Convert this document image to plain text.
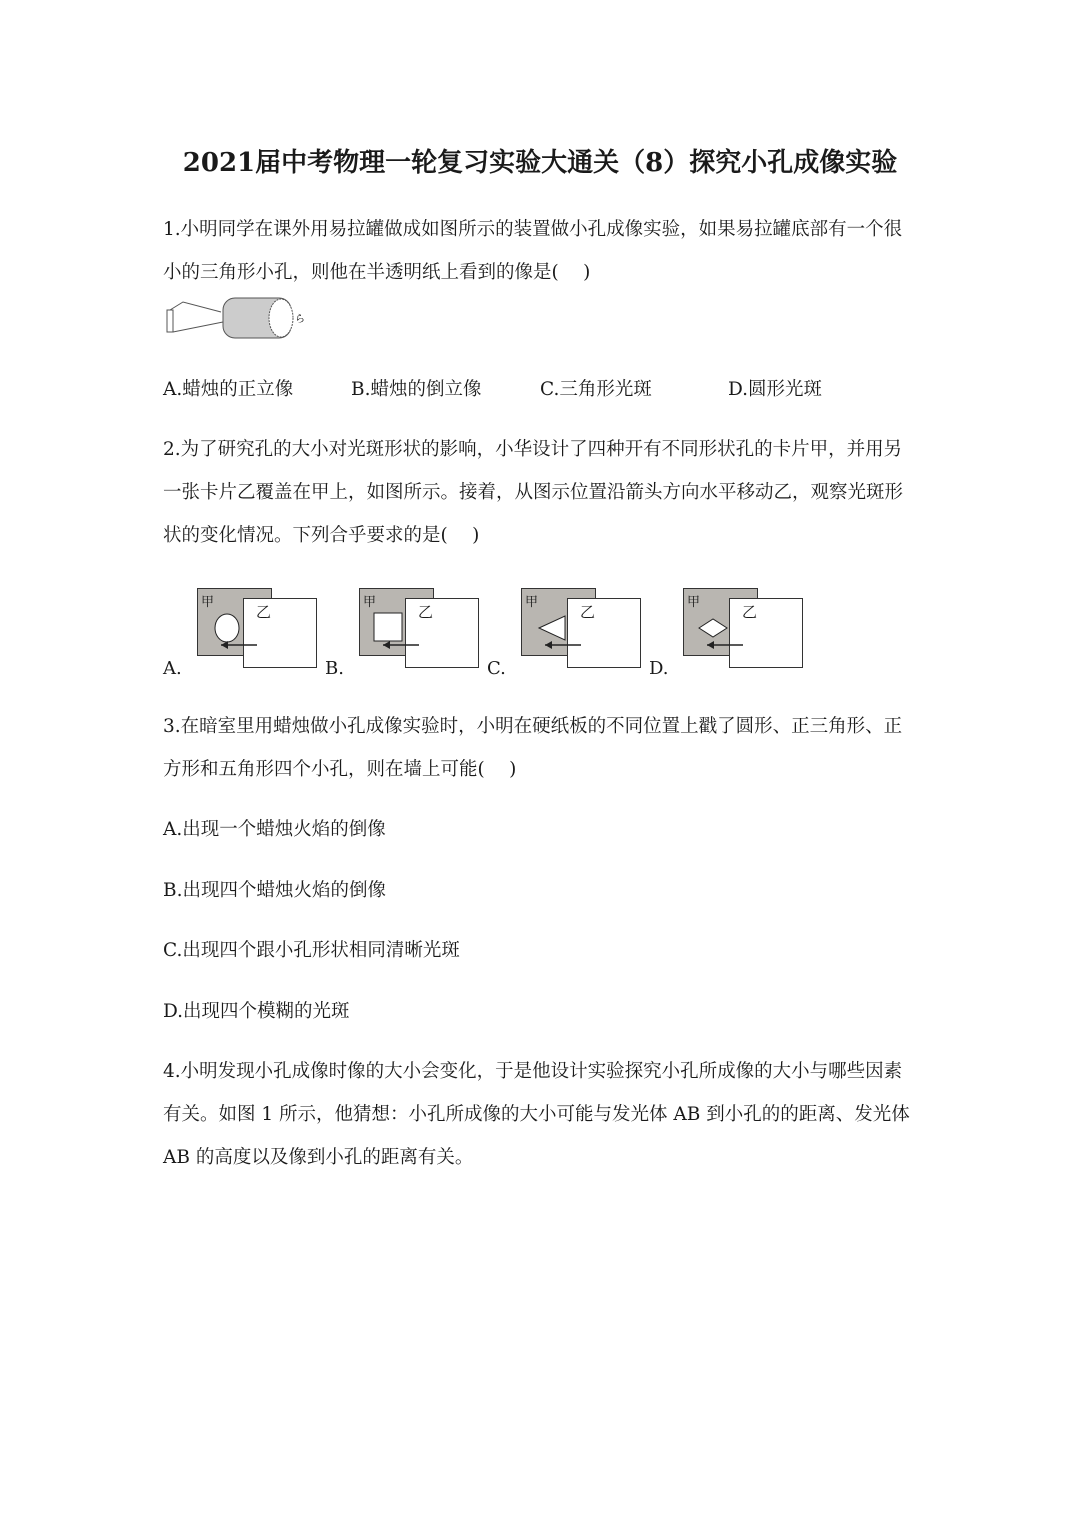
2021届中考物理一轮复习实验大通关（8）探究小孔成像实验
1.小明同学在课外用易拉罐做成如图所示的装置做小孔成像实验，如果易拉罐底部有一个很
小的三角形小孔，则他在半透明纸上看到的像是(　 )
ら
A.蜡烛的正立像	B.蜡烛的倒立像	C.三角形光斑	D.圆形光斑
2.为了研究孔的大小对光斑形状的影响，小华设计了四种开有不同形状孔的卡片甲，并用另
一张卡片乙覆盖在甲上，如图所示。接着，从图示位置沿箭头方向水平移动乙，观察光斑形
状的变化情况。下列合乎要求的是(　 )
3.在暗室里用蜡烛做小孔成像实验时，小明在硬纸板的不同位置上戳了圆形、正三角形、正
方形和五角形四个小孔，则在墙上可能(　 )
A.出现一个蜡烛火焰的倒像
B.出现四个蜡烛火焰的倒像
C.出现四个跟小孔形状相同清晰光斑
D.出现四个模糊的光斑
4.小明发现小孔成像时像的大小会变化，于是他设计实验探究小孔所成像的大小与哪些因素
有关。如图 1 所示，他猜想：小孔所成像的大小可能与发光体 AB 到小孔的的距离、发光体
AB 的高度以及像到小孔的距离有关。
甲
乙
A.
甲
乙
B.
甲
乙
C.
甲
乙
D.
